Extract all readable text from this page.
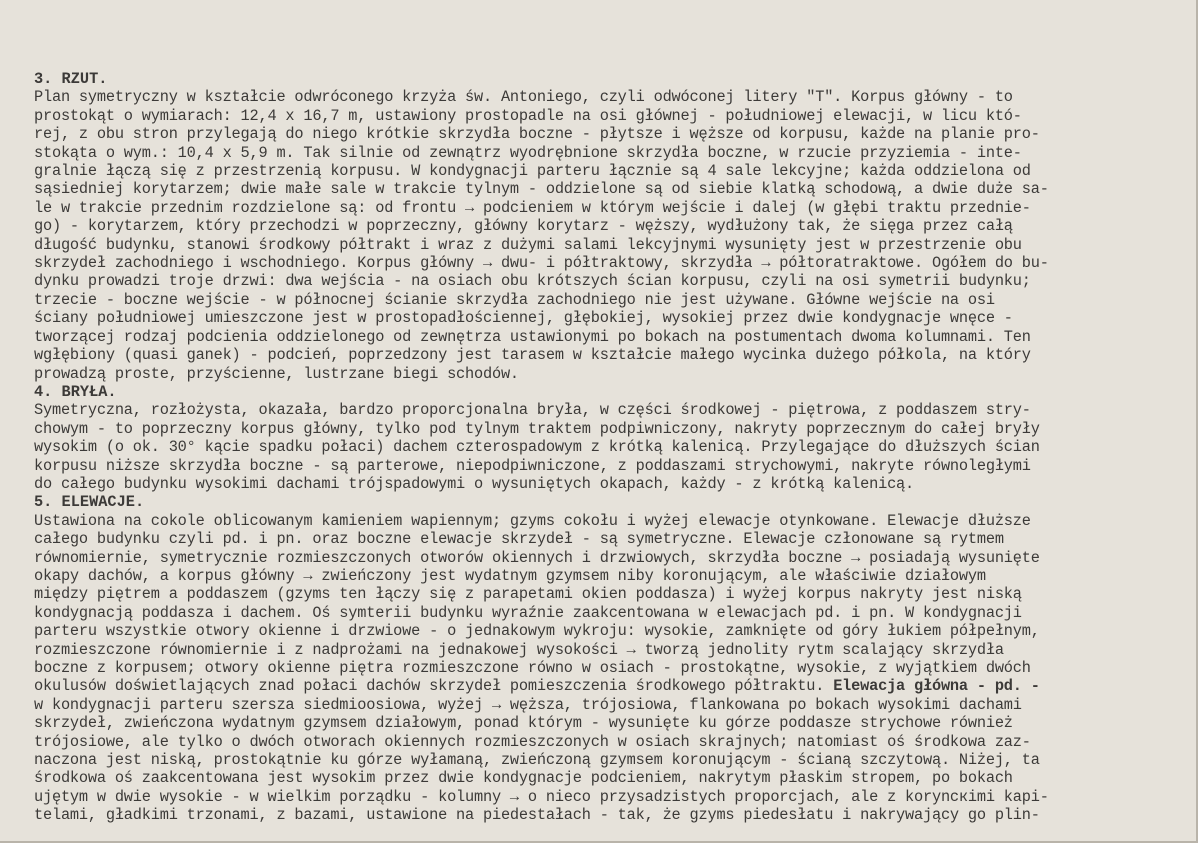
3. RZUT.
Plan symetryczny w kształcie odwróconego krzyża św. Antoniego, czyli odwóconej litery "T". Korpus główny - to
prostokąt o wymiarach: 12,4 x 16,7 m, ustawiony prostopadle na osi głównej - południowej elewacji, w licu któ-
rej, z obu stron przylegają do niego krótkie skrzydła boczne - płytsze i węższe od korpusu, każde na planie pro-
stokąta o wym.: 10,4 x 5,9 m. Tak silnie od zewnątrz wyodrębnione skrzydła boczne, w rzucie przyziemia - inte-
gralnie łączą się z przestrzenią korpusu. W kondygnacji parteru łącznie są 4 sale lekcyjne; każda oddzielona od
sąsiedniej korytarzem; dwie małe sale w trakcie tylnym - oddzielone są od siebie klatką schodową, a dwie duże sa-
le w trakcie przednim rozdzielone są: od frontu → podcieniem w którym wejście i dalej (w głębi traktu przednie-
go) - korytarzem, który przechodzi w poprzeczny, główny korytarz - węższy, wydłużony tak, że sięga przez całą
długość budynku, stanowi środkowy półtrakt i wraz z dużymi salami lekcyjnymi wysunięty jest w przestrzenie obu
skrzydeł zachodniego i wschodniego. Korpus główny → dwu- i półtraktowy, skrzydła → półtoratraktowe. Ogółem do bu-
dynku prowadzi troje drzwi: dwa wejścia - na osiach obu krótszych ścian korpusu, czyli na osi symetrii budynku;
trzecie - boczne wejście - w północnej ścianie skrzydła zachodniego nie jest używane. Główne wejście na osi
ściany południowej umieszczone jest w prostopadłościennej, głębokiej, wysokiej przez dwie kondygnacje wnęce -
tworzącej rodzaj podcienia oddzielonego od zewnętrza ustawionymi po bokach na postumentach dwoma kolumnami. Ten
wgłębiony (quasi ganek) - podcień, poprzedzony jest tarasem w kształcie małego wycinka dużego półkola, na który
prowadzą proste, przyścienne, lustrzane biegi schodów.
4. BRYŁA.
Symetryczna, rozłożysta, okazała, bardzo proporcjonalna bryła, w części środkowej - piętrowa, z poddaszem stry-
chowym - to poprzeczny korpus główny, tylko pod tylnym traktem podpiwniczony, nakryty poprzecznym do całej bryły
wysokim (o ok. 30° kącie spadku połaci) dachem czterospadowym z krótką kalenicą. Przylegające do dłuższych ścian
korpusu niższe skrzydła boczne - są parterowe, niepodpiwniczone, z poddaszami strychowymi, nakryte równoległymi
do całego budynku wysokimi dachami trójspadowymi o wysuniętych okapach, każdy - z krótką kalenicą.
5. ELEWACJE.
Ustawiona na cokole oblicowanym kamieniem wapiennym; gzyms cokołu i wyżej elewacje otynkowane. Elewacje dłuższe
całego budynku czyli pd. i pn. oraz boczne elewacje skrzydeł - są symetryczne. Elewacje członowane są rytmem
równomiernie, symetrycznie rozmieszczonych otworów okiennych i drzwiowych, skrzydła boczne → posiadają wysunięte
okapy dachów, a korpus główny → zwieńczony jest wydatnym gzymsem niby koronującym, ale właściwie działowym
między piętrem a poddaszem (gzyms ten łączy się z parapetami okien poddasza) i wyżej korpus nakryty jest niską
kondygnacją poddasza i dachem. Oś symterii budynku wyraźnie zaakcentowana w elewacjach pd. i pn. W kondygnacji
parteru wszystkie otwory okienne i drzwiowe - o jednakowym wykroju: wysokie, zamknięte od góry łukiem półpełnym,
rozmieszczone równomiernie i z nadprożami na jednakowej wysokości → tworzą jednolity rytm scalający skrzydła
boczne z korpusem; otwory okienne piętra rozmieszczone równo w osiach - prostokątne, wysokie, z wyjątkiem dwóch
okulusów doświetlających znad połaci dachów skrzydeł pomieszczenia środkowego półtraktu. Elewacja główna - pd. -
w kondygnacji parteru szersza siedmioosiowa, wyżej → węższa, trójosiowa, flankowana po bokach wysokimi dachami
skrzydeł, zwieńczona wydatnym gzymsem działowym, ponad którym - wysunięte ku górze poddasze strychowe również
trójosiowe, ale tylko o dwóch otworach okiennych rozmieszczonych w osiach skrajnych; natomiast oś środkowa zaz-
naczona jest niską, prostokątnie ku górze wyłamaną, zwieńczoną gzymsem koronującym - ścianą szczytową. Niżej, ta
środkowa oś zaakcentowana jest wysokim przez dwie kondygnacje podcieniem, nakrytym płaskim stropem, po bokach
ujętym w dwie wysokie - w wielkim porządku - kolumny → o nieco przysadzistych proporcjach, ale z koryncкimi kapi-
telami, gładkimi trzonami, z bazami, ustawione na piedestałach - tak, że gzyms piedesłatu i nakrywający go plin-
